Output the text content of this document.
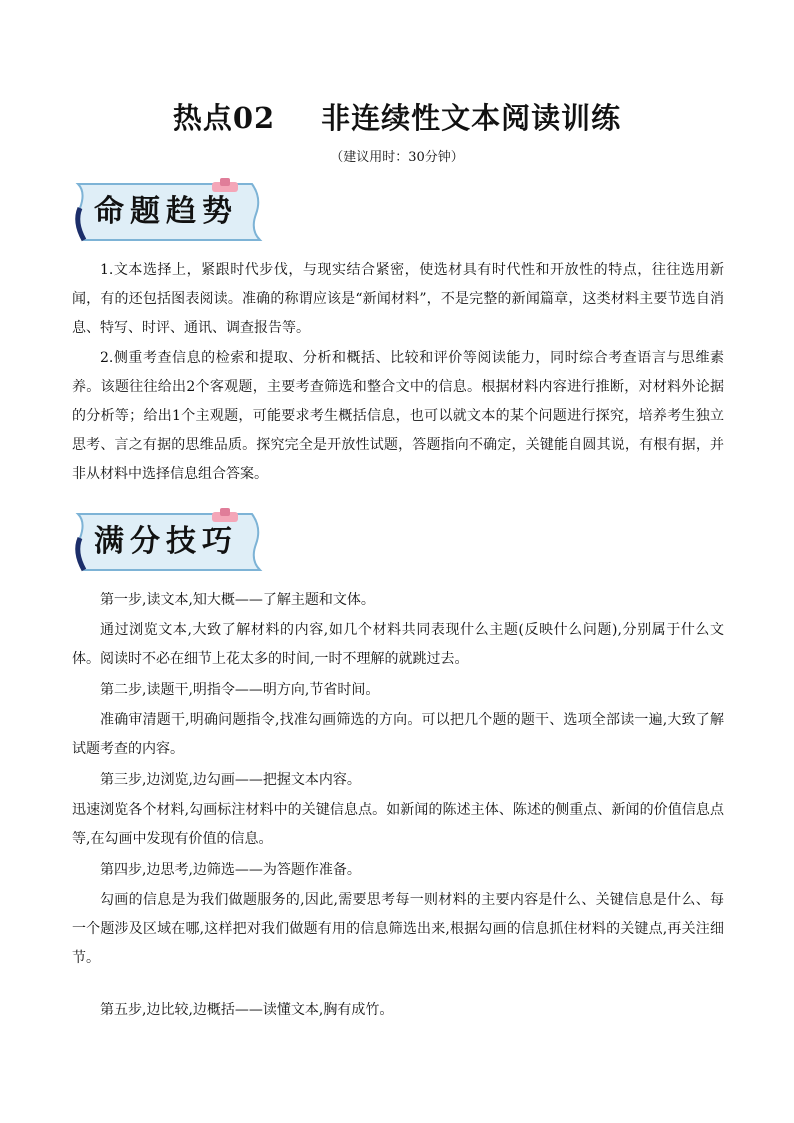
热点02 非连续性文本阅读训练
（建议用时：30分钟）
命题趋势

1.文本选择上，紧跟时代步伐，与现实结合紧密，使选材具有时代性和开放性的特点，往往选用新闻，有的还包括图表阅读。准确的称谓应该是“新闻材料”，不是完整的新闻篇章，这类材料主要节选自消息、特写、时评、通讯、调查报告等。

2.侧重考查信息的检索和提取、分析和概括、比较和评价等阅读能力，同时综合考查语言与思维素养。该题往往给出2个客观题，主要考查筛选和整合文中的信息。根据材料内容进行推断，对材料外论据的分析等；给出1个主观题，可能要求考生概括信息，也可以就文本的某个问题进行探究，培养考生独立思考、言之有据的思维品质。探究完全是开放性试题，答题指向不确定，关键能自圆其说，有根有据，并非从材料中选择信息组合答案。

满分技巧

第一步,读文本,知大概——了解主题和文体。

通过浏览文本,大致了解材料的内容,如几个材料共同表现什么主题(反映什么问题),分别属于什么文体。阅读时不必在细节上花太多的时间,一时不理解的就跳过去。

第二步,读题干,明指令——明方向,节省时间。

准确审清题干,明确问题指令,找准勾画筛选的方向。可以把几个题的题干、选项全部读一遍,大致了解试题考查的内容。

第三步,边浏览,边勾画——把握文本内容。

迅速浏览各个材料,勾画标注材料中的关键信息点。如新闻的陈述主体、陈述的侧重点、新闻的价值信息点等,在勾画中发现有价值的信息。

第四步,边思考,边筛选——为答题作准备。

勾画的信息是为我们做题服务的,因此,需要思考每一则材料的主要内容是什么、关键信息是什么、每一个题涉及区域在哪,这样把对我们做题有用的信息筛选出来,根据勾画的信息抓住材料的关键点,再关注细节。

第五步,边比较,边概括——读懂文本,胸有成竹。
